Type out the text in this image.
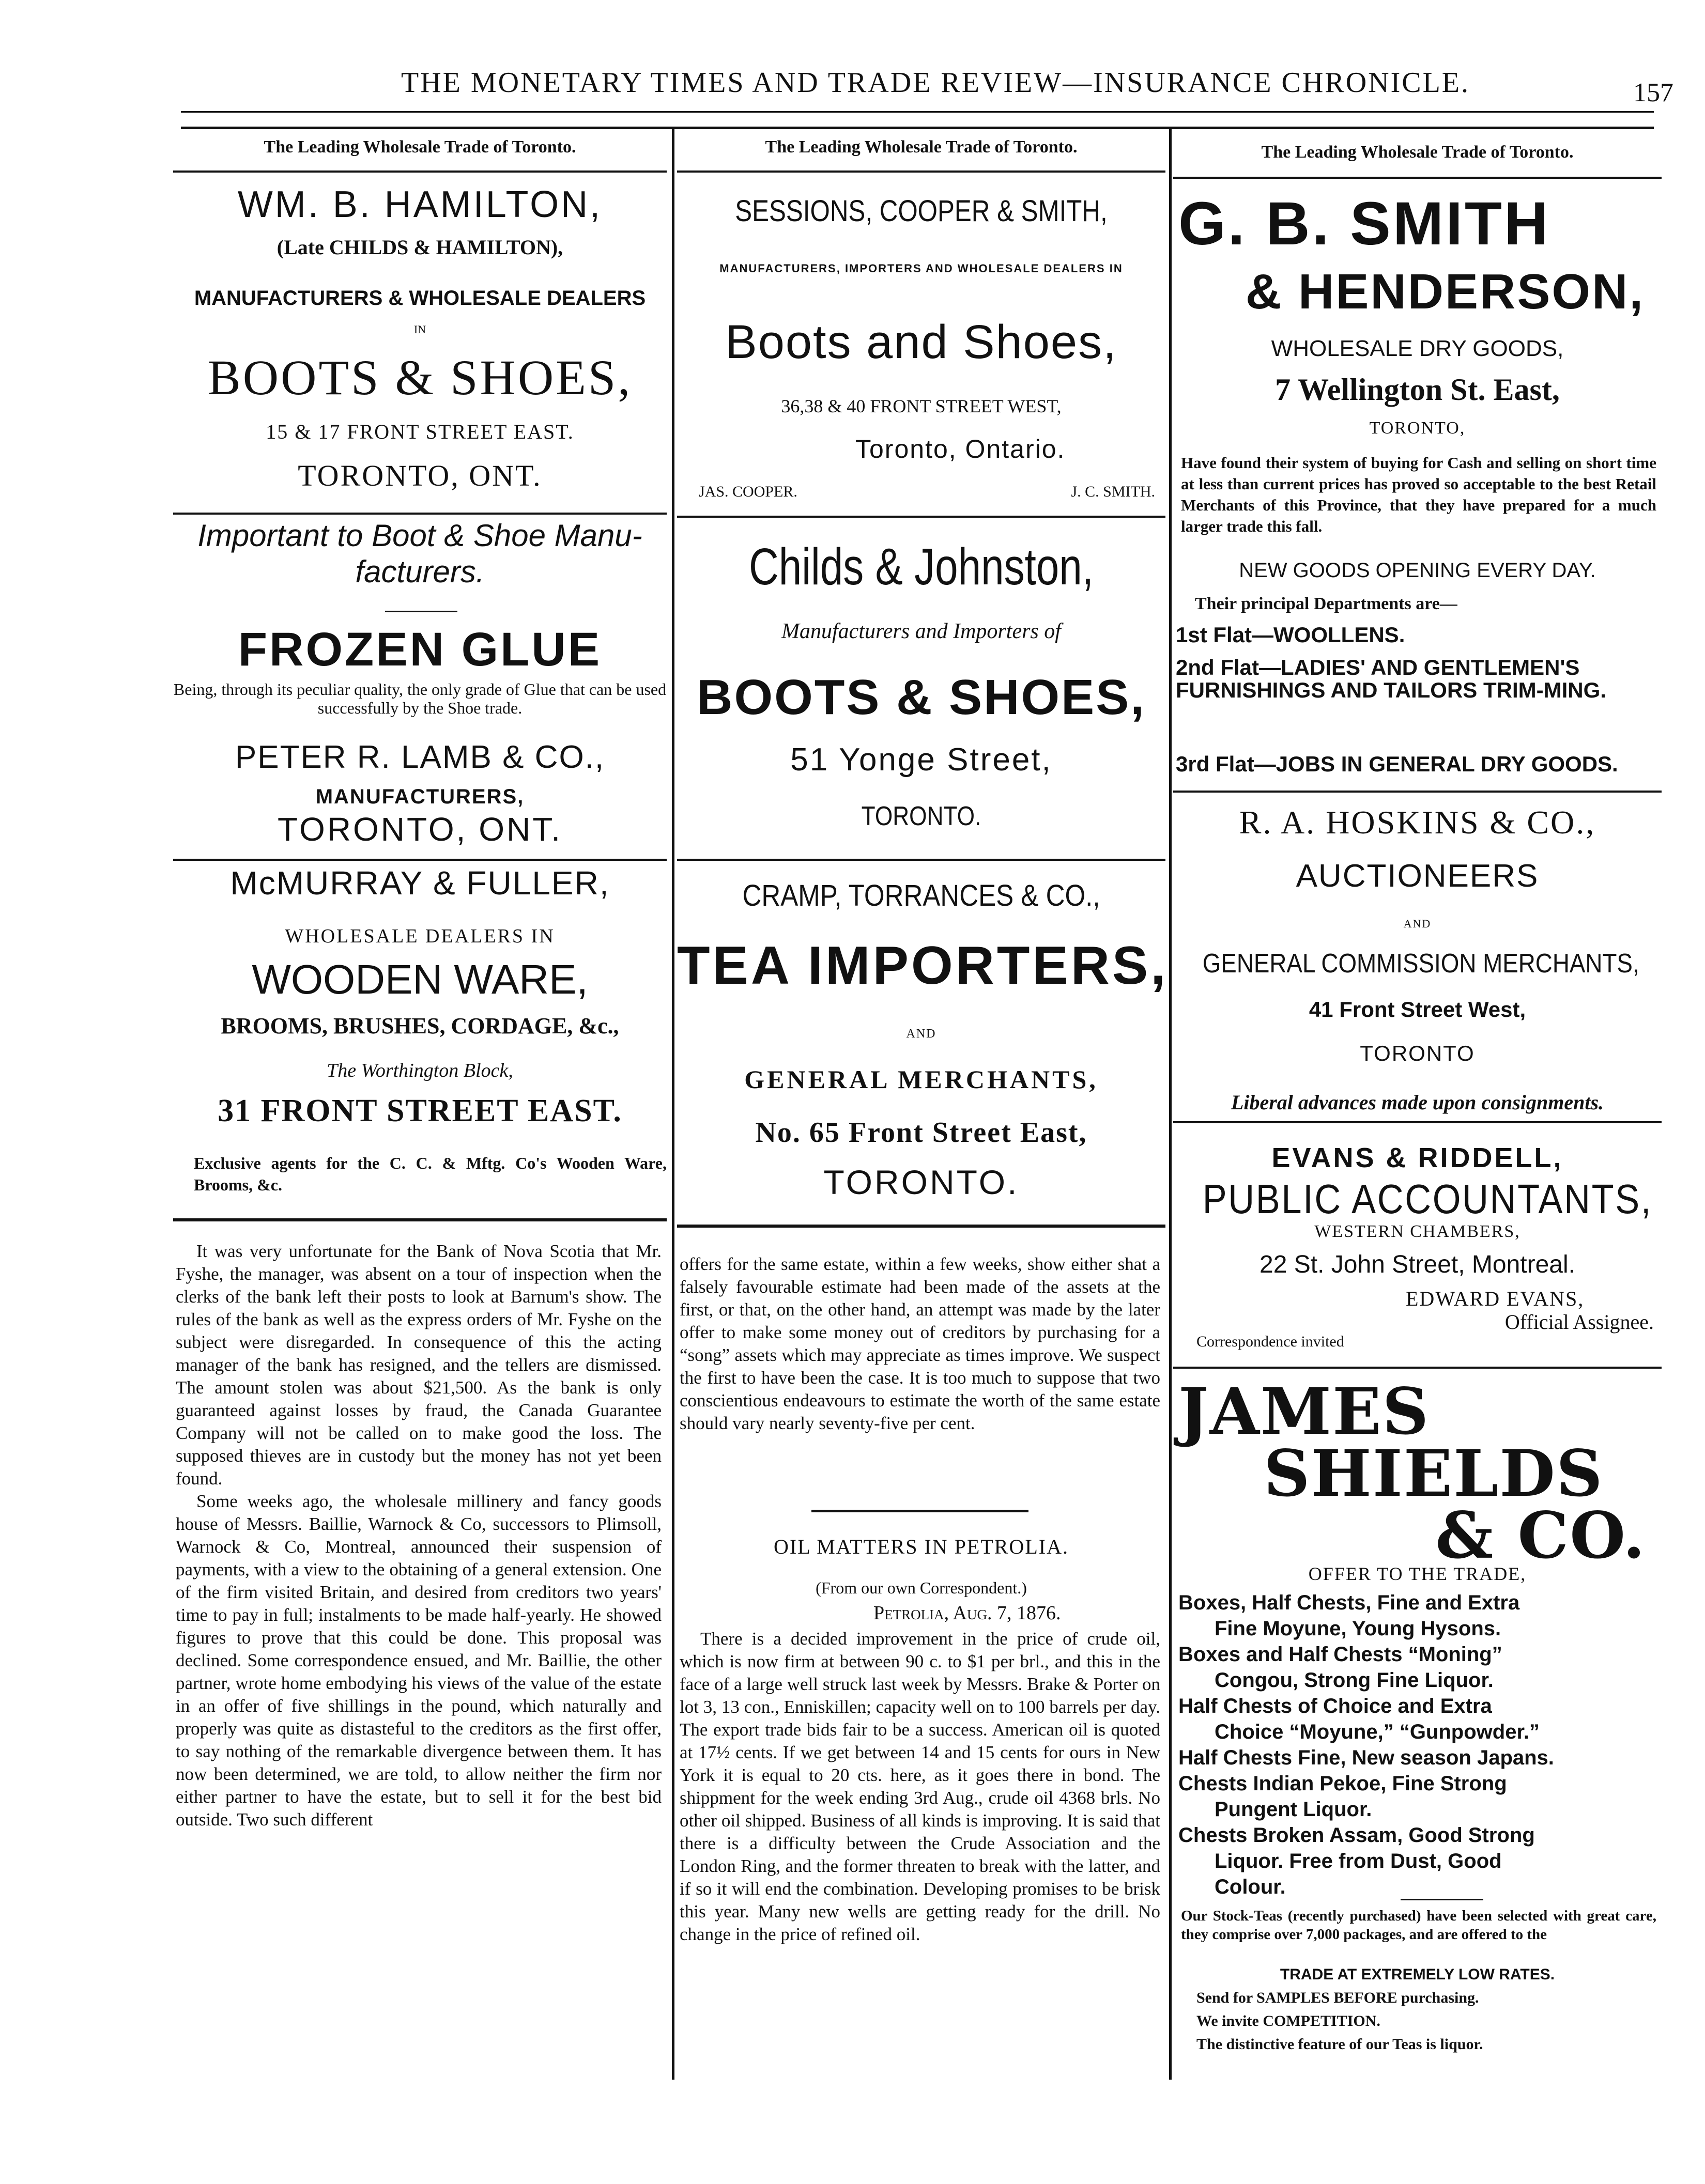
THE MONETARY TIMES AND TRADE REVIEW—INSURANCE CHRONICLE.	157
The Leading Wholesale Trade of Toronto.
WM. B. HAMILTON,
(Late CHILDS & HAMILTON),
MANUFACTURERS & WHOLESALE DEALERS
IN
BOOTS & SHOES,
15 & 17 FRONT STREET EAST.
TORONTO, ONT.
Important to Boot & Shoe Manu-facturers.
FROZEN GLUE
Being, through its peculiar quality, the only grade of Glue that can be used successfully by the Shoe trade.
PETER R. LAMB & CO.,
MANUFACTURERS,
TORONTO, ONT.
McMURRAY & FULLER,
WHOLESALE DEALERS IN
WOODEN WARE,
BROOMS, BRUSHES, CORDAGE, &c.,
The Worthington Block,
31 FRONT STREET EAST.
Exclusive agents for the C. C. & Mftg. Co's Wooden Ware, Brooms, &c.
The Leading Wholesale Trade of Toronto.
SESSIONS, COOPER & SMITH,
MANUFACTURERS, IMPORTERS AND WHOLESALE DEALERS IN
Boots and Shoes,
36,38 & 40 FRONT STREET WEST,
Toronto, Ontario.
JAS. COOPER.	J. C. SMITH.
Childs & Johnston,
Manufacturers and Importers of
BOOTS & SHOES,
51 Yonge Street,
TORONTO.
CRAMP, TORRANCES & CO.,
TEA IMPORTERS,
AND
GENERAL MERCHANTS,
No. 65 Front Street East,
TORONTO.
The Leading Wholesale Trade of Toronto.
G. B. SMITH
& HENDERSON,
WHOLESALE DRY GOODS,
7 Wellington St. East,
TORONTO,
Have found their system of buying for Cash and selling on short time at less than current prices has proved so acceptable to the best Retail Merchants of this Province, that they have prepared for a much larger trade this fall.
NEW GOODS OPENING EVERY DAY.
Their principal Departments are—
1st Flat—WOOLLENS.
2nd Flat—LADIES' AND GENTLEMEN'S FURNISHINGS AND TAILORS TRIM-MING.
3rd Flat—JOBS IN GENERAL DRY GOODS.
R. A. HOSKINS & CO.,
AUCTIONEERS
AND
GENERAL COMMISSION MERCHANTS,
41 Front Street West,
TORONTO
Liberal advances made upon consignments.
EVANS & RIDDELL,
PUBLIC ACCOUNTANTS,
WESTERN CHAMBERS,
22 St. John Street, Montreal.
EDWARD EVANS,
Official Assignee.
Correspondence invited
JAMES
SHIELDS
& CO.
OFFER TO THE TRADE,
Boxes, Half Chests, Fine and Extra
Fine Moyune, Young Hysons.
Boxes and Half Chests “Moning”
Congou, Strong Fine Liquor.
Half Chests of Choice and Extra
Choice “Moyune,” “Gunpowder.”
Half Chests Fine, New season Japans.
Chests Indian Pekoe, Fine Strong
Pungent Liquor.
Chests Broken Assam, Good Strong
Liquor. Free from Dust, Good
Colour.
Our Stock-Teas (recently purchased) have been selected with great care, they comprise over 7,000 packages, and are offered to the
TRADE AT EXTREMELY LOW RATES.
Send for SAMPLES BEFORE purchasing.
We invite COMPETITION.
The distinctive feature of our Teas is liquor.

It was very unfortunate for the Bank of Nova Scotia that Mr. Fyshe, the manager, was absent on a tour of inspection when the clerks of the bank left their posts to look at Barnum's show. The rules of the bank as well as the express orders of Mr. Fyshe on the subject were disregarded. In consequence of this the acting manager of the bank has resigned, and the tellers are dismissed. The amount stolen was about $21,500. As the bank is only guaranteed against losses by fraud, the Canada Guarantee Company will not be called on to make good the loss. The supposed thieves are in custody but the money has not yet been found.

Some weeks ago, the wholesale millinery and fancy goods house of Messrs. Baillie, Warnock & Co, successors to Plimsoll, Warnock & Co, Montreal, announced their suspension of payments, with a view to the obtaining of a general extension. One of the firm visited Britain, and desired from creditors two years' time to pay in full; instalments to be made half-yearly. He showed figures to prove that this could be done. This proposal was declined. Some correspondence ensued, and Mr. Baillie, the other partner, wrote home embodying his views of the value of the estate in an offer of five shillings in the pound, which naturally and properly was quite as distasteful to the creditors as the first offer, to say nothing of the remarkable divergence between them. It has now been determined, we are told, to allow neither the firm nor either partner to have the estate, but to sell it for the best bid outside. Two such different

offers for the same estate, within a few weeks, show either shat a falsely favourable estimate had been made of the assets at the first, or that, on the other hand, an attempt was made by the later offer to make some money out of creditors by purchasing for a “song” assets which may appreciate as times improve. We suspect the first to have been the case. It is too much to suppose that two conscientious endeavours to estimate the worth of the same estate should vary nearly seventy-five per cent.
OIL MATTERS IN PETROLIA.
(From our own Correspondent.)
Petrolia, Aug. 7, 1876.

There is a decided improvement in the price of crude oil, which is now firm at between 90 c. to $1 per brl., and this in the face of a large well struck last week by Messrs. Brake & Porter on lot 3, 13 con., Enniskillen; capacity well on to 100 barrels per day. The export trade bids fair to be a success. American oil is quoted at 17½ cents. If we get between 14 and 15 cents for ours in New York it is equal to 20 cts. here, as it goes there in bond. The shippment for the week ending 3rd Aug., crude oil 4368 brls. No other oil shipped. Business of all kinds is improving. It is said that there is a difficulty between the Crude Association and the London Ring, and the former threaten to break with the latter, and if so it will end the combination. Developing promises to be brisk this year. Many new wells are getting ready for the drill. No change in the price of refined oil.
